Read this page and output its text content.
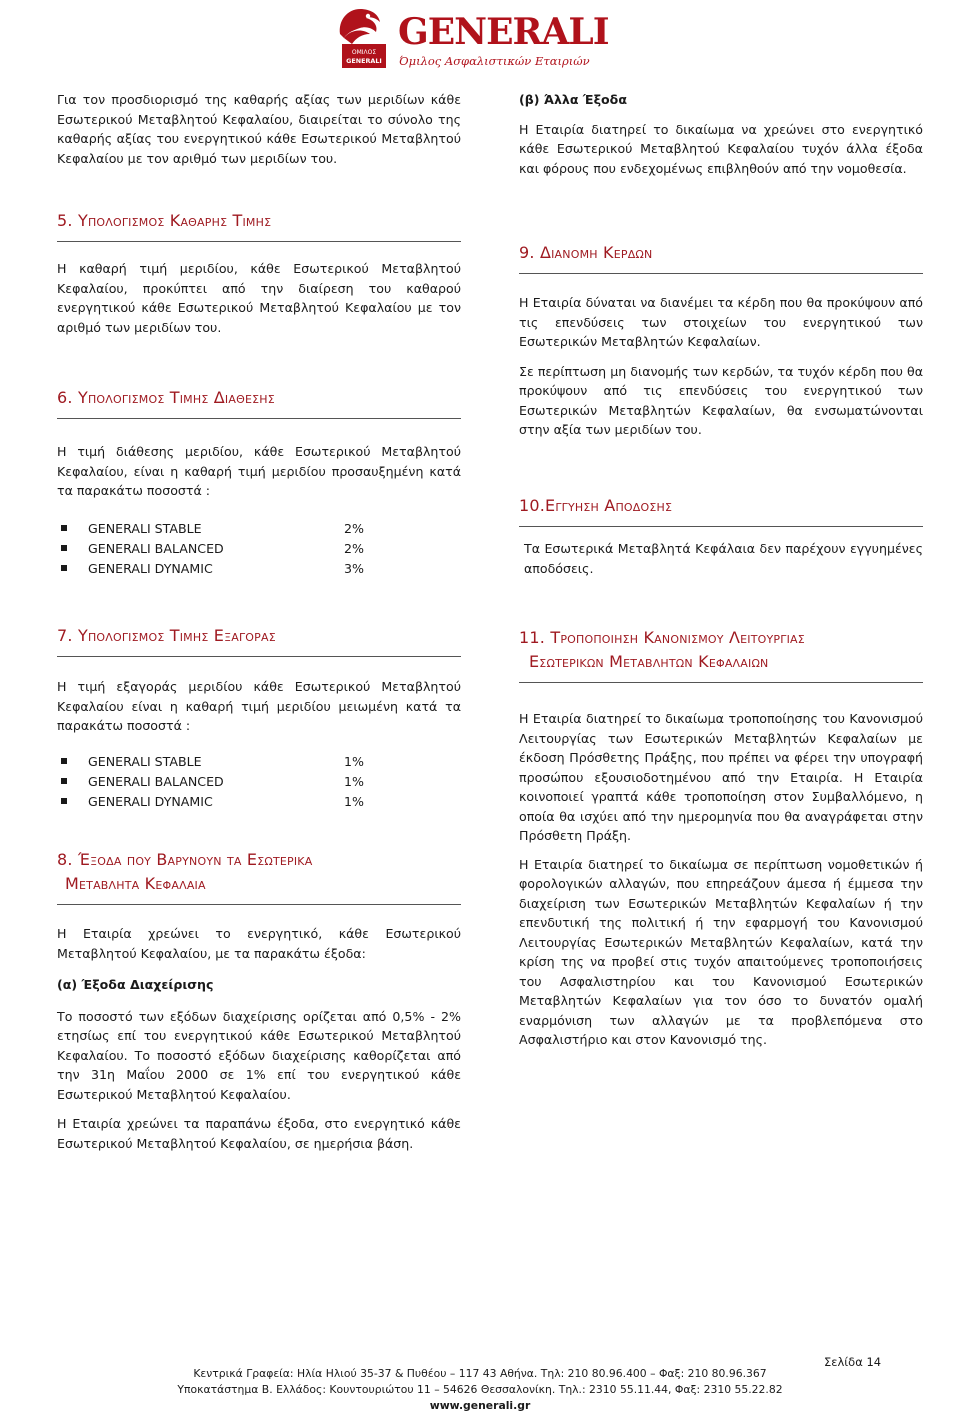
ΟΜΙΛΟΣ
GENERALI
GENERALI
Όμιλος Ασφαλιστικών Εταιριών

Για τον προσδιορισμό της καθαρής αξίας των μεριδίων κάθε Εσωτερικού Μεταβλητού Κεφαλαίου, διαιρείται το σύνολο της καθαρής αξίας του ενεργητικού κάθε Εσωτερικού Μεταβλητού Κεφαλαίου με τον αριθμό των μεριδίων του.

5. Υπολογισμος Καθαρης Τιμης

Η καθαρή τιμή μεριδίου, κάθε Εσωτερικού Μεταβλητού Κεφαλαίου, προκύπτει από την διαίρεση του καθαρού ενεργητικού κάθε Εσωτερικού Μεταβλητού Κεφαλαίου με τον αριθμό των μεριδίων του.

6. Υπολογισμος Τιμης Διαθεσης

Η τιμή διάθεσης μεριδίου, κάθε Εσωτερικού Μεταβλητού Κεφαλαίου, είναι η καθαρή τιμή μεριδίου προσαυξημένη κατά τα παρακάτω ποσοστά :

GENERALI STABLE	2%
GENERALI BALANCED	2%
GENERALI DYNAMIC	3%
7. Υπολογισμος Τιμης Εξαγορας

Η τιμή εξαγοράς μεριδίου κάθε Εσωτερικού Μεταβλητού Κεφαλαίου είναι η καθαρή τιμή μεριδίου μειωμένη κατά τα παρακάτω ποσοστά :

GENERALI STABLE	1%
GENERALI BALANCED	1%
GENERALI DYNAMIC	1%
8. Έξοδα που Βαρυνουν τα Εσωτερικα
Μεταβλητα Κεφαλαια

Η Εταιρία χρεώνει το ενεργητικό, κάθε Εσωτερικού Μεταβλητού Κεφαλαίου, με τα παρακάτω έξοδα:

(α) Έξοδα Διαχείρισης

Το ποσοστό των εξόδων διαχείρισης ορίζεται από 0,5% - 2% ετησίως επί του ενεργητικού κάθε Εσωτερικού Μεταβλητού Κεφαλαίου. Το ποσοστό εξόδων διαχείρισης καθορίζεται από την 31η Μαΐου 2000 σε 1% επί του ενεργητικού κάθε Εσωτερικού Μεταβλητού Κεφαλαίου.

Η Εταιρία χρεώνει τα παραπάνω έξοδα, στο ενεργητικό κάθε Εσωτερικού Μεταβλητού Κεφαλαίου, σε ημερήσια βάση.

(β) Άλλα Έξοδα

Η Εταιρία διατηρεί το δικαίωμα να χρεώνει στο ενεργητικό κάθε Εσωτερικού Μεταβλητού Κεφαλαίου τυχόν άλλα έξοδα και φόρους που ενδεχομένως επιβληθούν από την νομοθεσία.

9. Διανομη Κερδων

Η Εταιρία δύναται να διανέμει τα κέρδη που θα προκύψουν από τις επενδύσεις των στοιχείων του ενεργητικού των Εσωτερικών Μεταβλητών Κεφαλαίων.

Σε περίπτωση μη διανομής των κερδών, τα τυχόν κέρδη που θα προκύψουν από τις επενδύσεις του ενεργητικού των Εσωτερικών Μεταβλητών Κεφαλαίων, θα ενσωματώνονται στην αξία των μεριδίων του.

10.Εγγυηση Αποδοσης

Τα Εσωτερικά Μεταβλητά Κεφάλαια δεν παρέχουν εγγυημένες αποδόσεις.

11. Τροποποιηση Κανονισμου Λειτουργιας
Εσωτερικων Μεταβλητων Κεφαλαιων

Η Εταιρία διατηρεί το δικαίωμα τροποποίησης του Κανονισμού Λειτουργίας των Εσωτερικών Μεταβλητών Κεφαλαίων με έκδοση Πρόσθετης Πράξης, που πρέπει να φέρει την υπογραφή προσώπου εξουσιοδοτημένου από την Εταιρία. Η Εταιρία κοινοποιεί γραπτά κάθε τροποποίηση στον Συμβαλλόμενο, η οποία θα ισχύει από την ημερομηνία που θα αναγράφεται στην Πρόσθετη Πράξη.

Η Εταιρία διατηρεί το δικαίωμα σε περίπτωση νομοθετικών ή φορολογικών αλλαγών, που επηρεάζουν άμεσα ή έμμεσα την διαχείριση των Εσωτερικών Μεταβλητών Κεφαλαίων ή την επενδυτική της πολιτική ή την εφαρμογή του Κανονισμού Λειτουργίας Εσωτερικών Μεταβλητών Κεφαλαίων, κατά την κρίση της να προβεί στις τυχόν απαιτούμενες τροποποιήσεις του Ασφαλιστηρίου και του Κανονισμού Εσωτερικών Μεταβλητών Κεφαλαίων για τον όσο το δυνατόν ομαλή εναρμόνιση των αλλαγών με τα προβλεπόμενα στο Ασφαλιστήριο και στον Κανονισμό της.

Σελίδα 14
Κεντρικά Γραφεία: Ηλία Ηλιού 35-37 & Πυθέου – 117 43 Αθήνα. Τηλ: 210 80.96.400 – Φαξ: 210 80.96.367
Υποκατάστημα Β. Ελλάδος: Κουντουριώτου 11 – 54626 Θεσσαλονίκη. Τηλ.: 2310 55.11.44, Φαξ: 2310 55.22.82
www.generali.gr
